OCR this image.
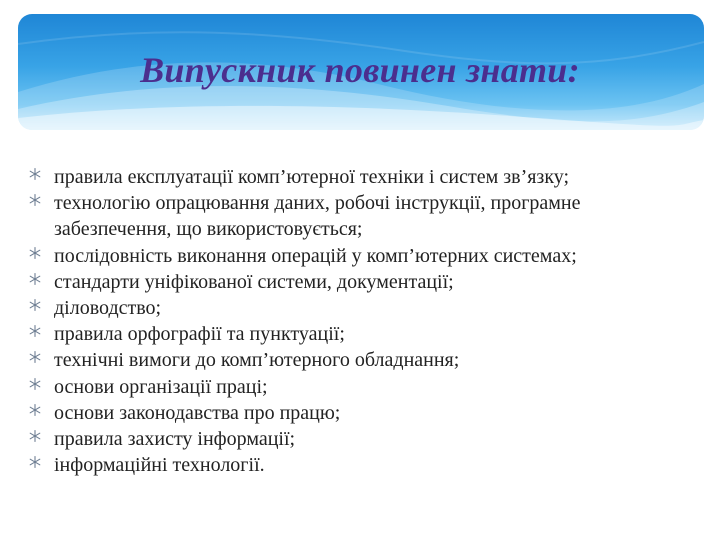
Випускник повинен знати:
правила експлуатації комп’ютерної техніки і систем зв’язку;
технологію опрацювання даних, робочі інструкції, програмне забезпечення, що використовується;
послідовність виконання операцій у комп’ютерних системах;
стандарти уніфікованої системи, документації;
діловодство;
правила орфографії та пунктуації;
технічні вимоги до комп’ютерного обладнання;
основи організації праці;
основи законодавства про працю;
правила захисту інформації;
інформаційні технології.
